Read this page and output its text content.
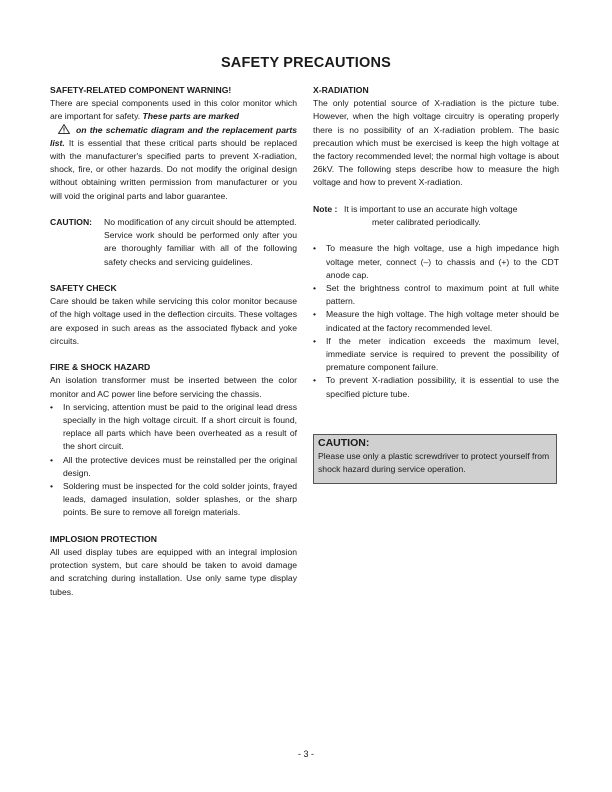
SAFETY PRECAUTIONS
SAFETY-RELATED COMPONENT WARNING!

There are special components used in this color monitor which are important for safety. These parts are marked
on the schematic diagram and the replacement parts list. It is essential that these critical parts should be replaced with the manufacturer's specified parts to prevent X-radiation, shock, fire, or other hazards. Do not modify the original design without obtaining written permission from manufacturer or you will void the original parts and labor guarantee.

CAUTION:	No modification of any circuit should be attempted.
Service work should be performed only after you are thoroughly familiar with all of the following safety checks and servicing guidelines.
SAFETY CHECK

Care should be taken while servicing this color monitor because of the high voltage used in the deflection circuits. These voltages are exposed in such areas as the associated flyback and yoke circuits.

FIRE & SHOCK HAZARD
An isolation transformer must be inserted between the color monitor and AC power line before servicing the chassis.
•	In servicing, attention must be paid to the original lead dress specially in the high voltage circuit. If a short circuit is found, replace all parts which have been overheated as a result of the short circuit.
•	All the protective devices must be reinstalled per the original design.
•	Soldering must be inspected for the cold solder joints, frayed leads, damaged insulation, solder splashes, or the sharp points. Be sure to remove all foreign materials.
IMPLOSION PROTECTION

All used display tubes are equipped with an integral implosion protection system, but care should be taken to avoid damage and scratching during installation. Use only same type display tubes.

X-RADIATION

The only potential source of X-radiation is the picture tube. However, when the high voltage circuitry is operating properly there is no possibility of an X-radiation problem. The basic precaution which must be exercised is keep the high voltage at the factory recommended level; the normal high voltage is about 26kV. The following steps describe how to measure the high voltage and how to prevent X-radiation.

Note : It is important to use an accurate high voltage
meter calibrated periodically.
•	To measure the high voltage, use a high impedance high voltage meter, connect (–) to chassis and (+) to the CDT anode cap.
•	Set the brightness control to maximum point at full white pattern.
•	Measure the high voltage. The high voltage meter should be indicated at the factory recommended level.
•	If the meter indication exceeds the maximum level, immediate service is required to prevent the possibility of premature component failure.
•	To prevent X-radiation possibility, it is essential to use the specified picture tube.
CAUTION:
Please use only a plastic screwdriver to protect yourself from shock hazard during service operation.
- 3 -
